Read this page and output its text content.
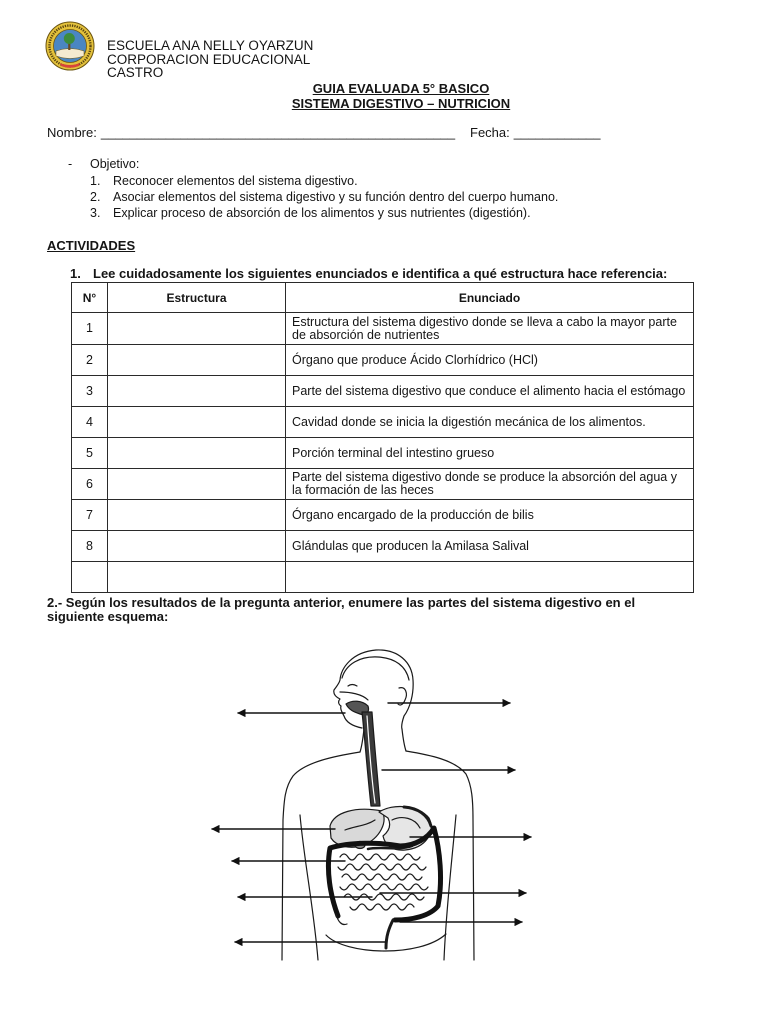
ESCUELA ANA NELLY OYARZUN
CORPORACION EDUCACIONAL
CASTRO
GUIA EVALUADA 5° BASICO
SISTEMA DIGESTIVO – NUTRICION
Nombre: _________________________________________________ Fecha: ____________
- Objetivo:
1. Reconocer elementos del sistema digestivo.
2. Asociar elementos del sistema digestivo y su función dentro del cuerpo humano.
3. Explicar proceso de absorción de los alimentos y sus nutrientes (digestión).
ACTIVIDADES
1. Lee cuidadosamente los siguientes enunciados e identifica a qué estructura hace referencia:
N°	Estructura	Enunciado
1		Estructura del sistema digestivo donde se lleva a cabo la mayor parte de absorción de nutrientes

2		Órgano que produce Ácido Clorhídrico (HCl)

3		Parte del sistema digestivo que conduce el alimento hacia el estómago

4		Cavidad donde se inicia la digestión mecánica de los alimentos.

5		Porción terminal del intestino grueso

6		Parte del sistema digestivo donde se produce la absorción del agua y la formación de las heces

7		Órgano encargado de la producción de bilis

8		Glándulas que producen la Amilasa Salival

2.- Según los resultados de la pregunta anterior, enumere las partes del sistema digestivo en el siguiente esquema:
